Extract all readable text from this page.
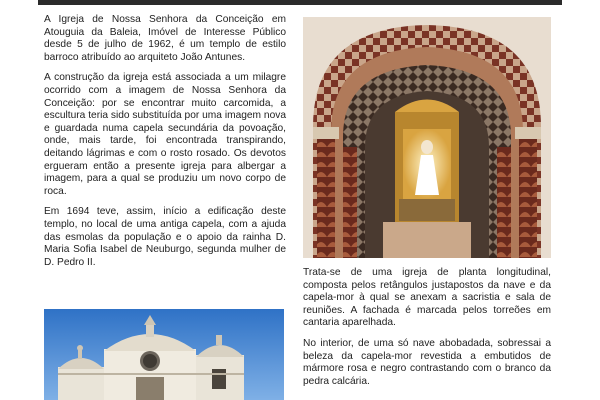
A Igreja de Nossa Senhora da Conceição em Atouguia da Baleia, Imóvel de Interesse Público desde 5 de julho de 1962, é um templo de estilo barroco atribuído ao arquiteto João Antunes.

A construção da igreja está associada a um milagre ocorrido com a imagem de Nossa Senhora da Conceição: por se encontrar muito carcomida, a escultura teria sido substituída por uma imagem nova e guardada numa capela secundária da povoação, onde, mais tarde, foi encontrada transpirando, deitando lágrimas e com o rosto rosado. Os devotos ergueram então a presente igreja para albergar a imagem, para a qual se produziu um novo corpo de roca.

Em 1694 teve, assim, início a edificação deste templo, no local de uma antiga capela, com a ajuda das esmolas da população e o apoio da rainha D. Maria Sofia Isabel de Neuburgo, segunda mulher de D. Pedro II.

Trata-se de uma igreja de planta longitudinal, composta pelos retângulos justapostos da nave e da capela-mor à qual se anexam a sacristia e sala de reuniões. A fachada é marcada pelos torreões em cantaria aparelhada.

No interior, de uma só nave abobadada, sobressai a beleza da capela-mor revestida a embutidos de mármore rosa e negro contrastando com o branco da pedra calcária.
